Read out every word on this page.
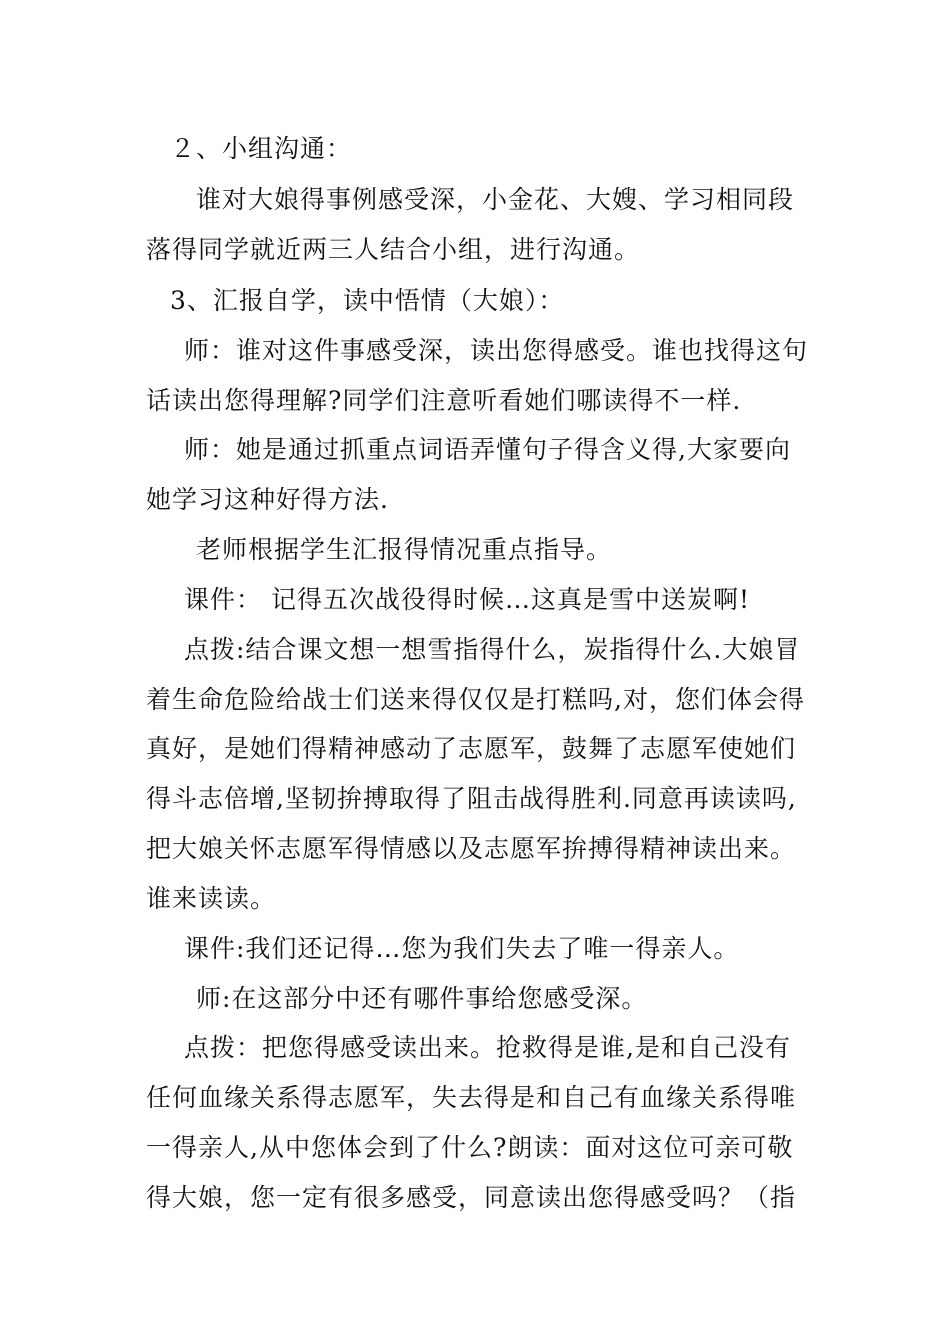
２、小组沟通：
谁对大娘得事例感受深，小金花、大嫂、学习相同段
落得同学就近两三人结合小组，进行沟通。
3、汇报自学，读中悟情（大娘）：
师：谁对这件事感受深，读出您得感受。谁也找得这句
话读出您得理解?同学们注意听看她们哪读得不一样.
师：她是通过抓重点词语弄懂句子得含义得,大家要向
她学习这种好得方法.
老师根据学生汇报得情况重点指导。
课件： 记得五次战役得时候…这真是雪中送炭啊!
点拨:结合课文想一想雪指得什么，炭指得什么.大娘冒
着生命危险给战士们送来得仅仅是打糕吗,对，您们体会得
真好，是她们得精神感动了志愿军，鼓舞了志愿军使她们
得斗志倍增,坚韧拚搏取得了阻击战得胜利.同意再读读吗,
把大娘关怀志愿军得情感以及志愿军拚搏得精神读出来。
谁来读读。
课件:我们还记得…您为我们失去了唯一得亲人。
师:在这部分中还有哪件事给您感受深。
点拨：把您得感受读出来。抢救得是谁,是和自己没有
任何血缘关系得志愿军，失去得是和自己有血缘关系得唯
一得亲人,从中您体会到了什么?朗读：面对这位可亲可敬
得大娘，您一定有很多感受，同意读出您得感受吗？（指
